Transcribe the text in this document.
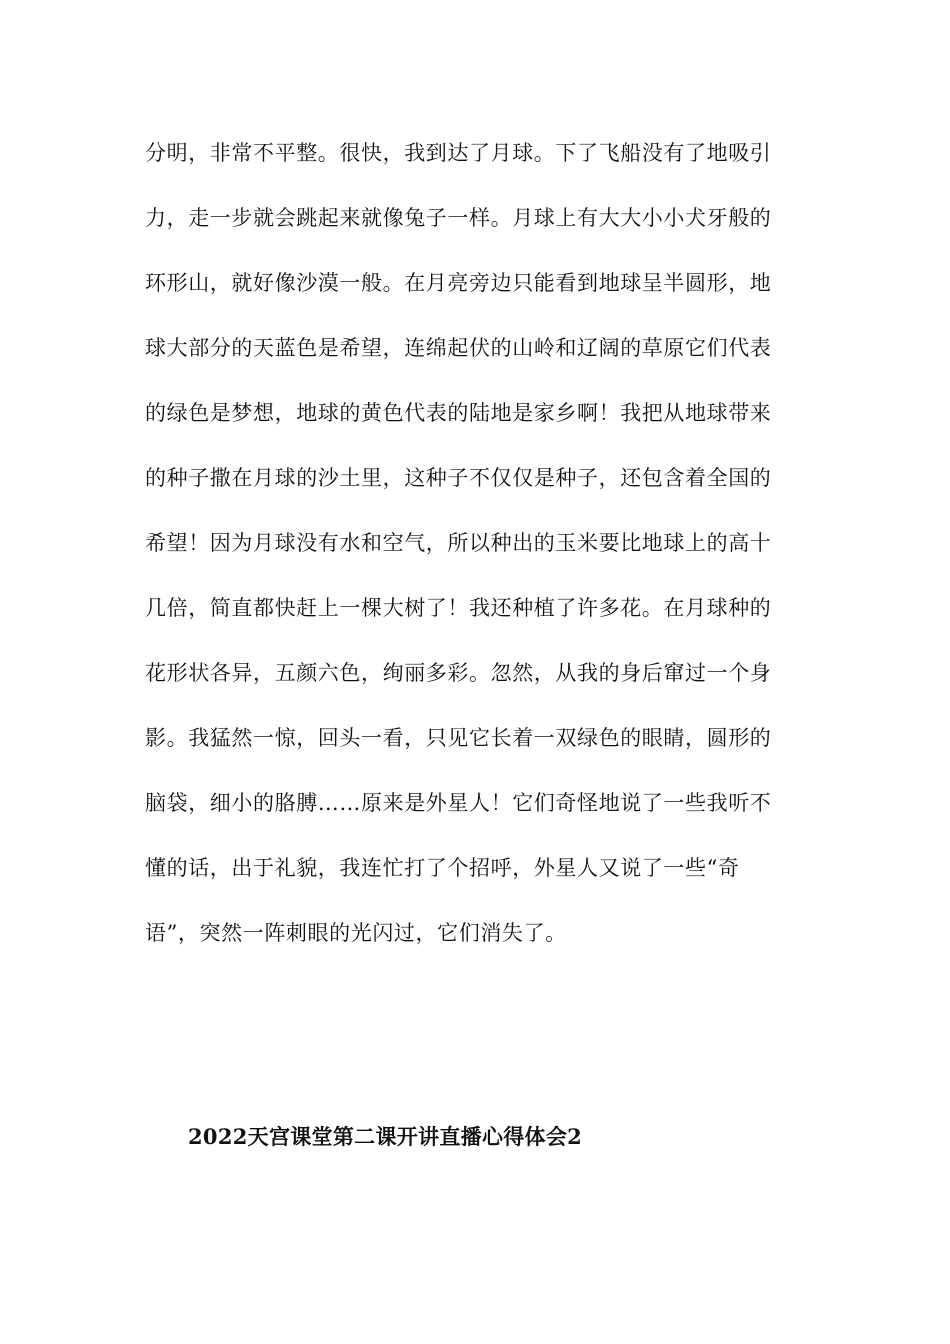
分明，非常不平整。很快，我到达了月球。下了飞船没有了地吸引
力，走一步就会跳起来就像兔子一样。月球上有大大小小犬牙般的
环形山，就好像沙漠一般。在月亮旁边只能看到地球呈半圆形，地
球大部分的天蓝色是希望，连绵起伏的山岭和辽阔的草原它们代表
的绿色是梦想，地球的黄色代表的陆地是家乡啊！我把从地球带来
的种子撒在月球的沙土里，这种子不仅仅是种子，还包含着全国的
希望！因为月球没有水和空气，所以种出的玉米要比地球上的高十
几倍，简直都快赶上一棵大树了！我还种植了许多花。在月球种的
花形状各异，五颜六色，绚丽多彩。忽然，从我的身后窜过一个身
影。我猛然一惊，回头一看，只见它长着一双绿色的眼睛，圆形的
脑袋，细小的胳膊……原来是外星人！它们奇怪地说了一些我听不
懂的话，出于礼貌，我连忙打了个招呼，外星人又说了一些“奇
语”，突然一阵刺眼的光闪过，它们消失了。
2022天宫课堂第二课开讲直播心得体会2
